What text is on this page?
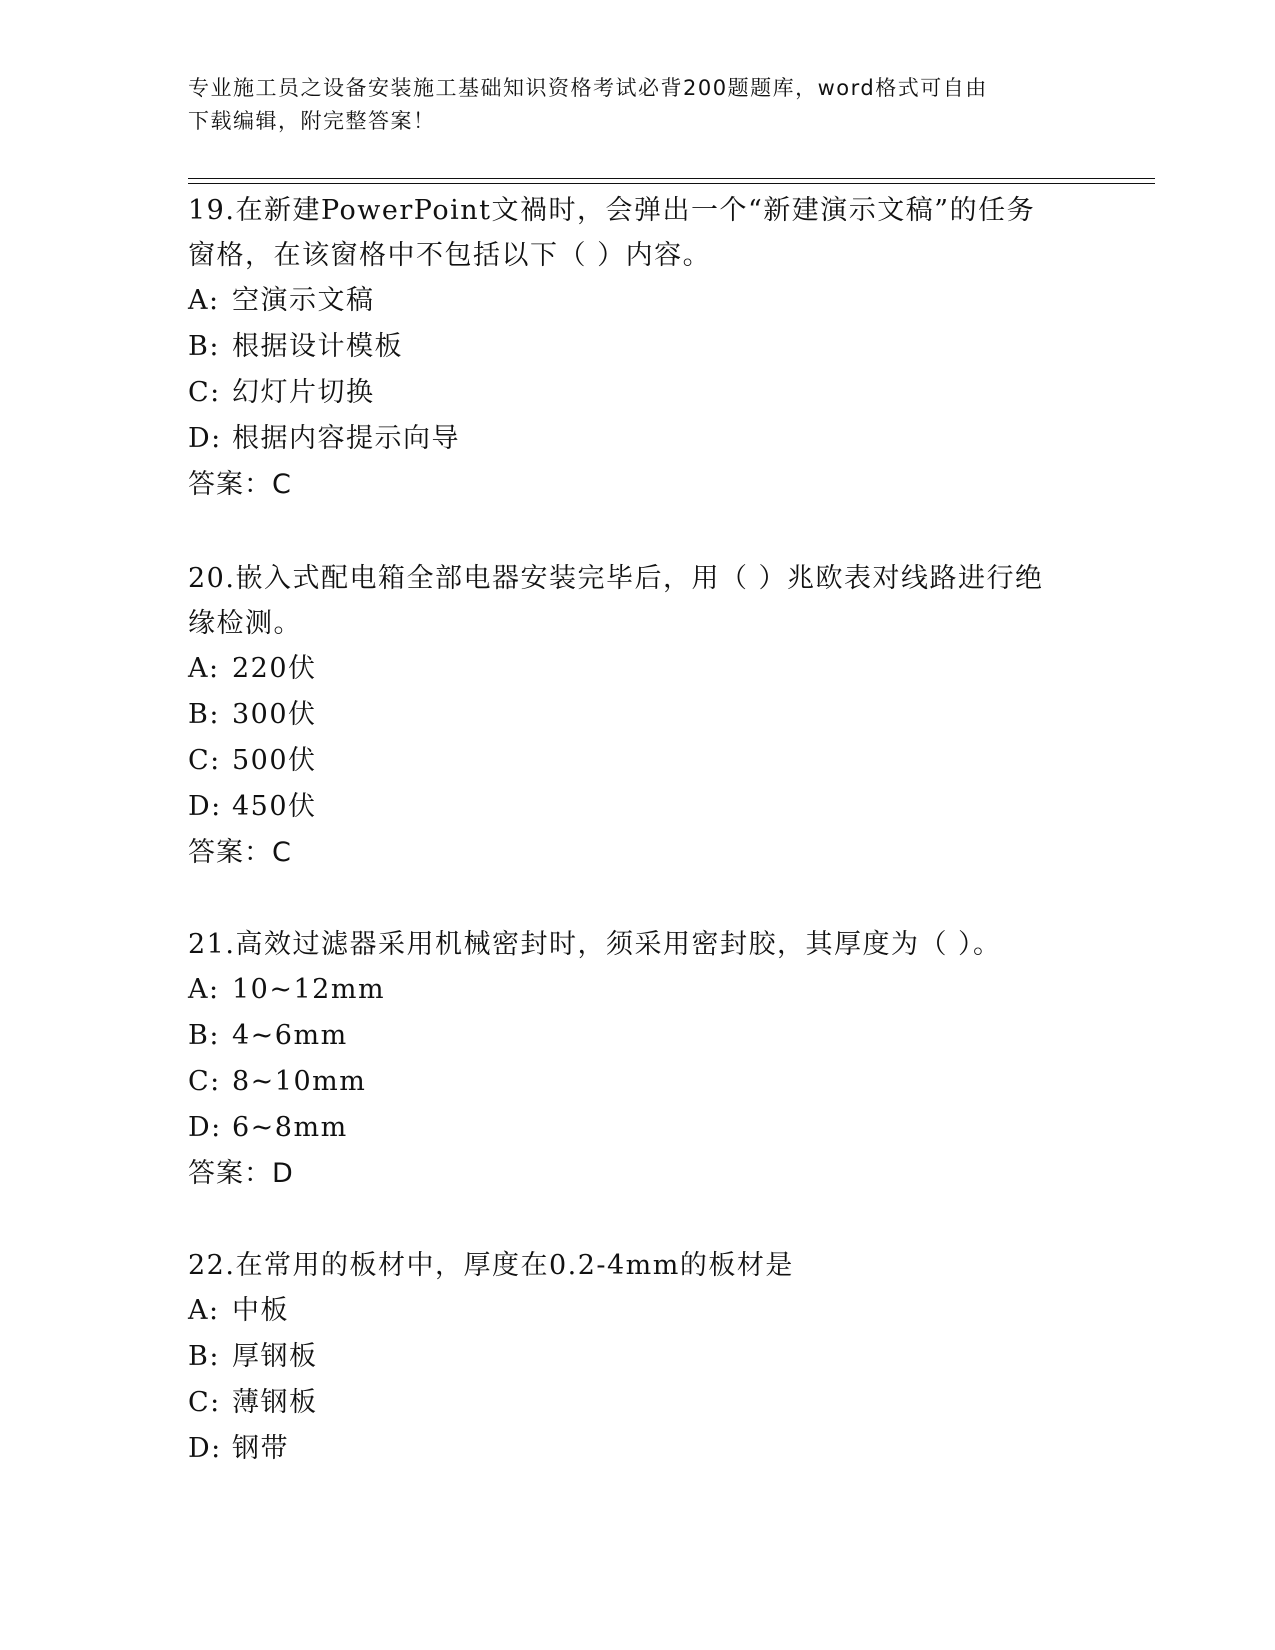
专业施工员之设备安装施工基础知识资格考试必背200题题库，word格式可自由
下载编辑，附完整答案！

19.在新建PowerPoint文禍时，会弹出一个“新建演示文稿”的任务

窗格，在该窗格中不包括以下（ ）内容。

A: 空演示文稿

B: 根据设计模板

C: 幻灯片切换

D: 根据内容提示向导

答案：C

20.嵌入式配电箱全部电器安装完毕后，用（ ）兆欧表对线路进行绝

缘检测。

A: 220伏

B: 300伏

C: 500伏

D: 450伏

答案：C

21.高效过滤器采用机械密封时，须采用密封胶，其厚度为（ ）。

A: 10~12mm

B: 4~6mm

C: 8~10mm

D: 6~8mm

答案：D

22.在常用的板材中，厚度在0.2-4mm的板材是

A: 中板

B: 厚钢板

C: 薄钢板

D: 钢带
